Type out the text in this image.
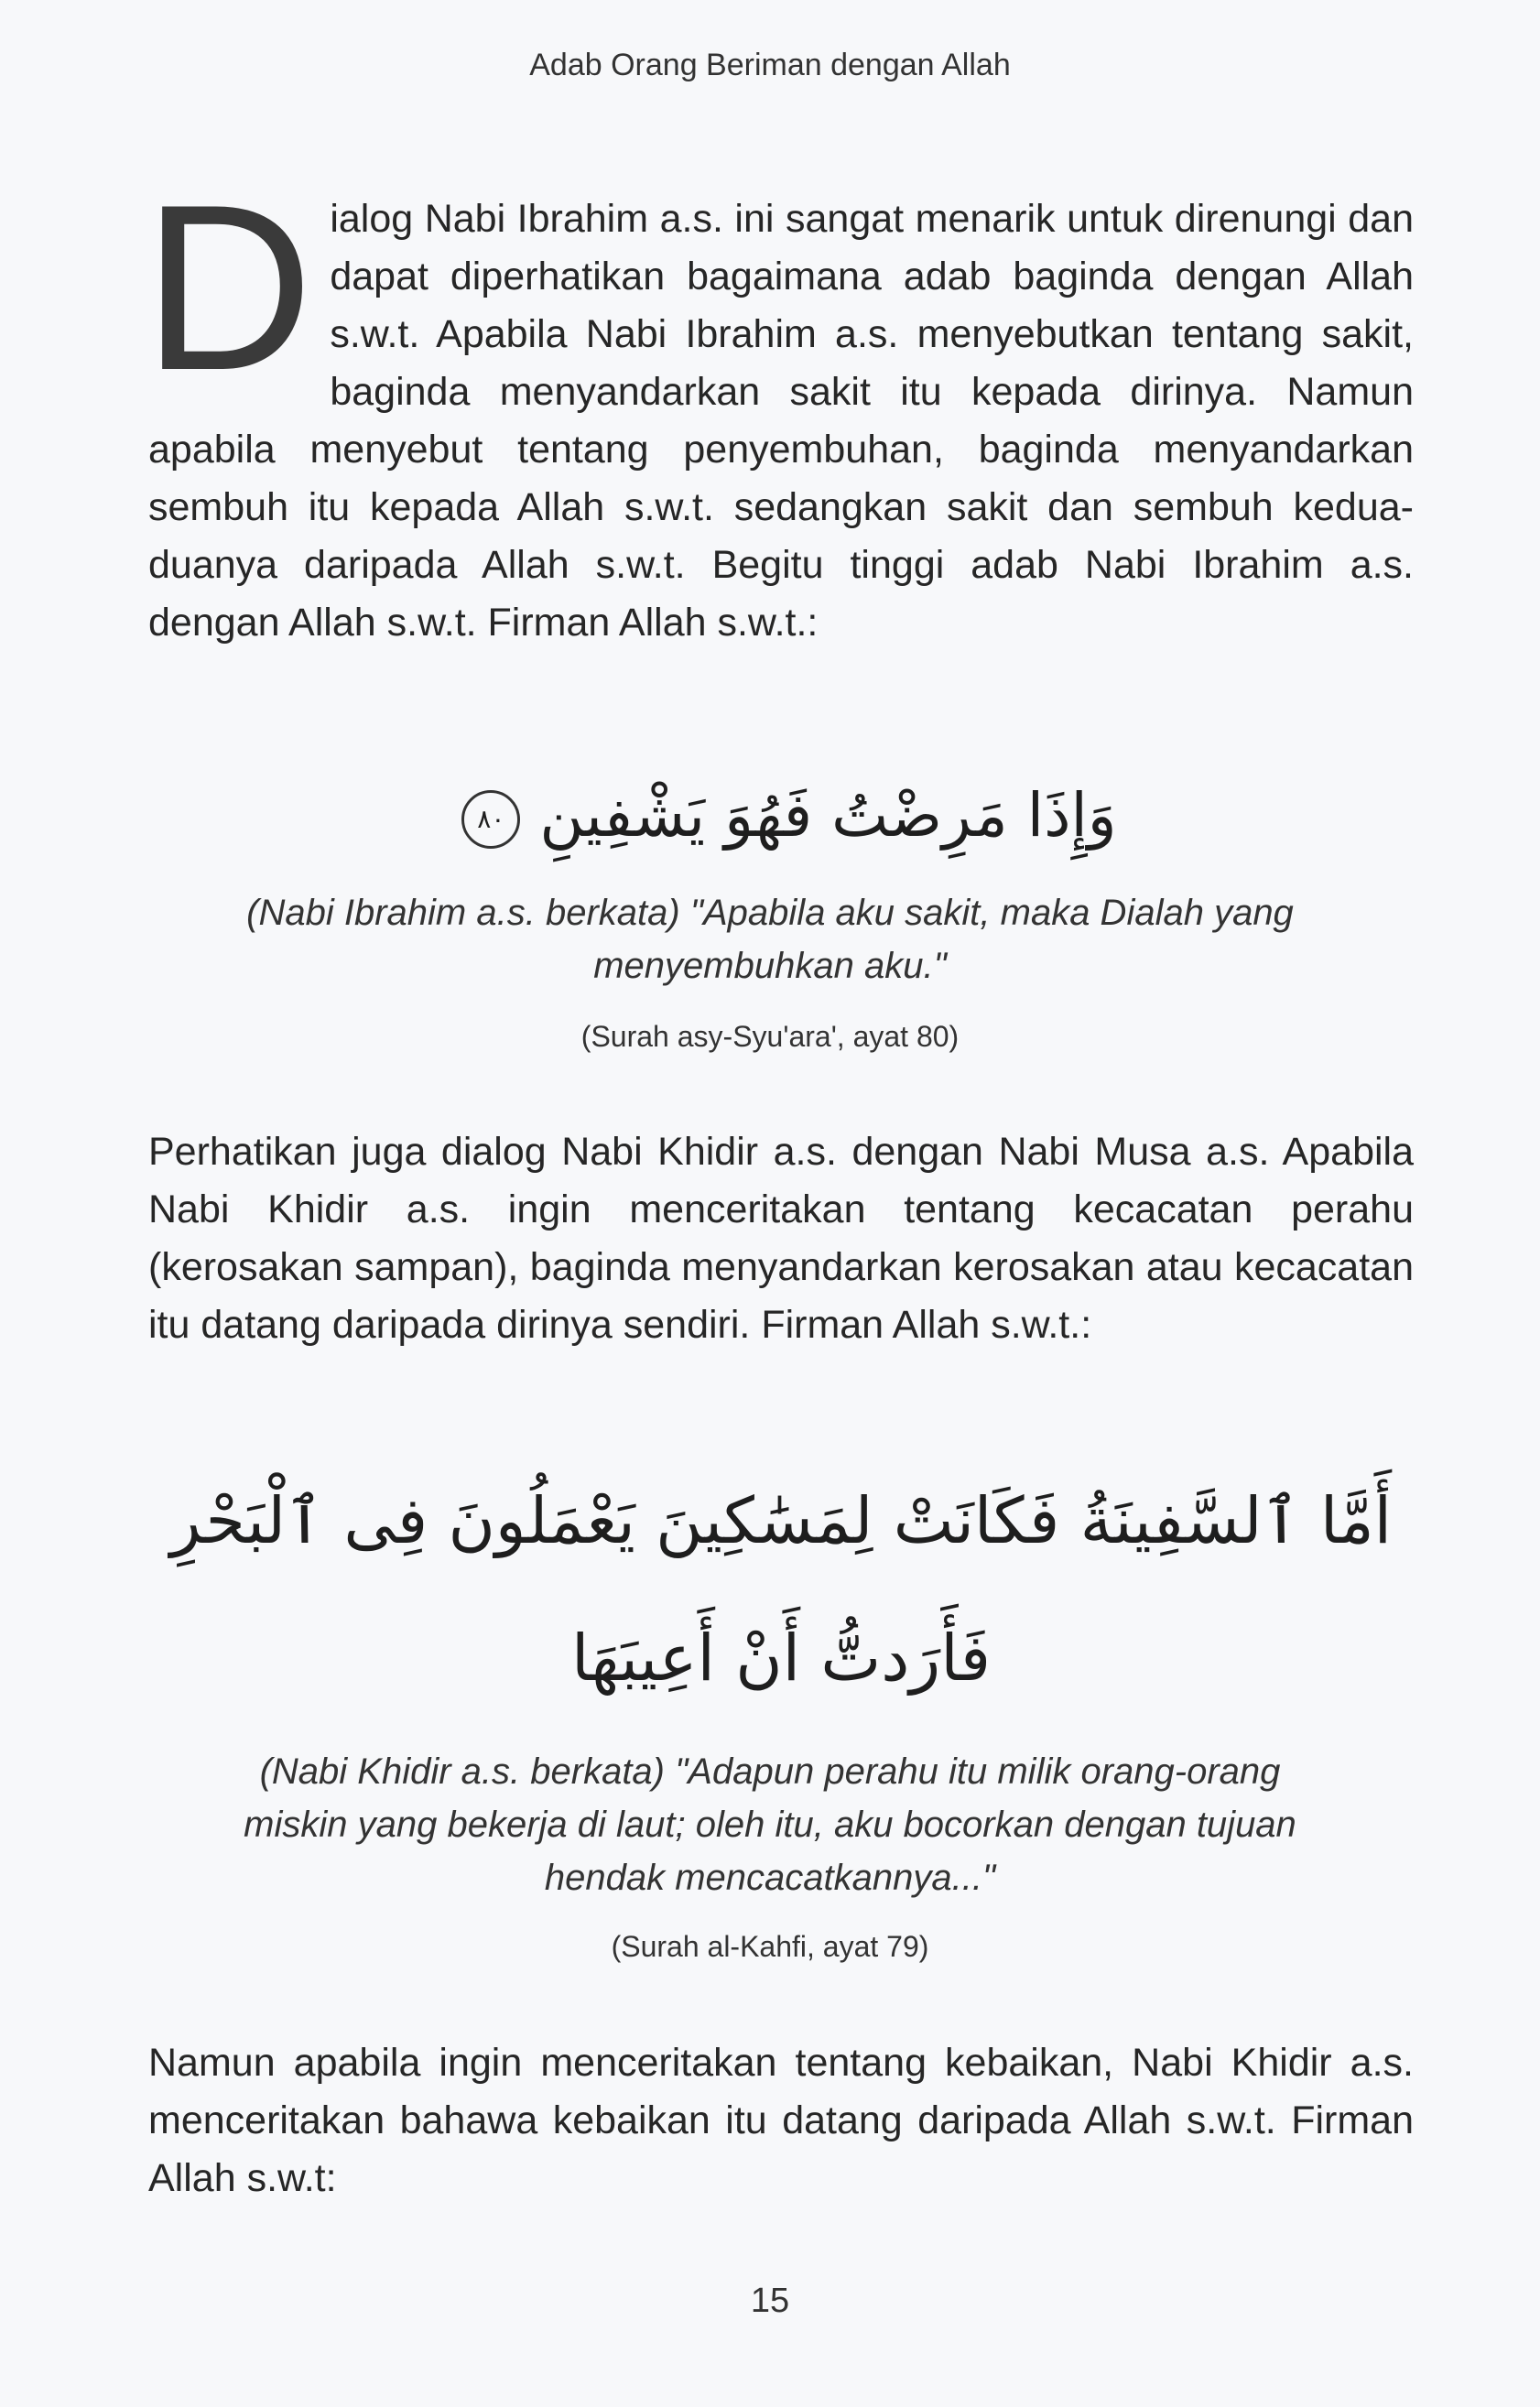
Adab Orang Beriman dengan Allah
D ialog Nabi Ibrahim a.s. ini sangat menarik untuk direnungi dan dapat diperhatikan bagaimana adab baginda dengan Allah s.w.t. Apabila Nabi Ibrahim a.s. menyebutkan tentang sakit, baginda menyandarkan sakit itu kepada dirinya. Namun apabila menyebut tentang penyembuhan, baginda menyandarkan sembuh itu kepada Allah s.w.t. sedangkan sakit dan sembuh kedua-duanya daripada Allah s.w.t. Begitu tinggi adab Nabi Ibrahim a.s. dengan Allah s.w.t. Firman Allah s.w.t.:
وَإِذَا مَرِضْتُ فَهُوَ يَشْفِينِ ٨٠
(Nabi Ibrahim a.s. berkata) "Apabila aku sakit, maka Dialah yang menyembuhkan aku."
(Surah asy-Syu'ara', ayat 80)
Perhatikan juga dialog Nabi Khidir a.s. dengan Nabi Musa a.s. Apabila Nabi Khidir a.s. ingin menceritakan tentang kecacatan perahu (kerosakan sampan), baginda menyandarkan kerosakan atau kecacatan itu datang daripada dirinya sendiri. Firman Allah s.w.t.:
أَمَّا ٱلسَّفِينَةُ فَكَانَتْ لِمَسَٰكِينَ يَعْمَلُونَ فِى ٱلْبَحْرِ
فَأَرَدتُّ أَنْ أَعِيبَهَا
(Nabi Khidir a.s. berkata) "Adapun perahu itu milik orang-orang miskin yang bekerja di laut; oleh itu, aku bocorkan dengan tujuan hendak mencacatkannya..."
(Surah al-Kahfi, ayat 79)
Namun apabila ingin menceritakan tentang kebaikan, Nabi Khidir a.s. menceritakan bahawa kebaikan itu datang daripada Allah s.w.t. Firman Allah s.w.t:
15
